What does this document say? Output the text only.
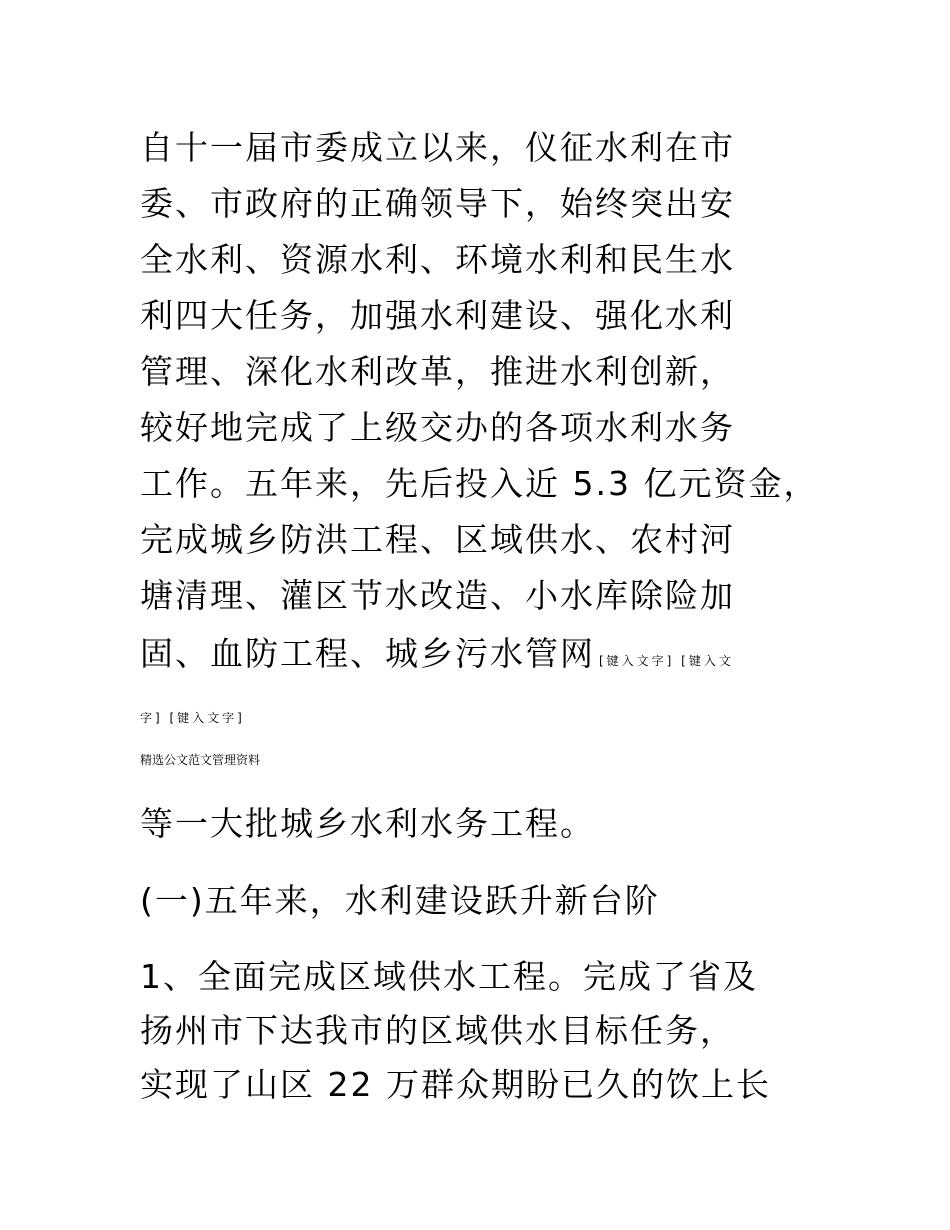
自十一届市委成立以来，仪征水利在市
委、市政府的正确领导下，始终突出安
全水利、资源水利、环境水利和民生水
利四大任务，加强水利建设、强化水利
管理、深化水利改革，推进水利创新，
较好地完成了上级交办的各项水利水务
工作。五年来，先后投入近 5.3 亿元资金，
完成城乡防洪工程、区域供水、农村河
塘清理、灌区节水改造、小水库除险加
固、血防工程、城乡污水管网 [键入文字] [键入文
字] [键入文字]
精选公文范文管理资料
等一大批城乡水利水务工程。
(一)五年来，水利建设跃升新台阶
1、全面完成区域供水工程。完成了省及
扬州市下达我市的区域供水目标任务，
实现了山区 22 万群众期盼已久的饮上长
